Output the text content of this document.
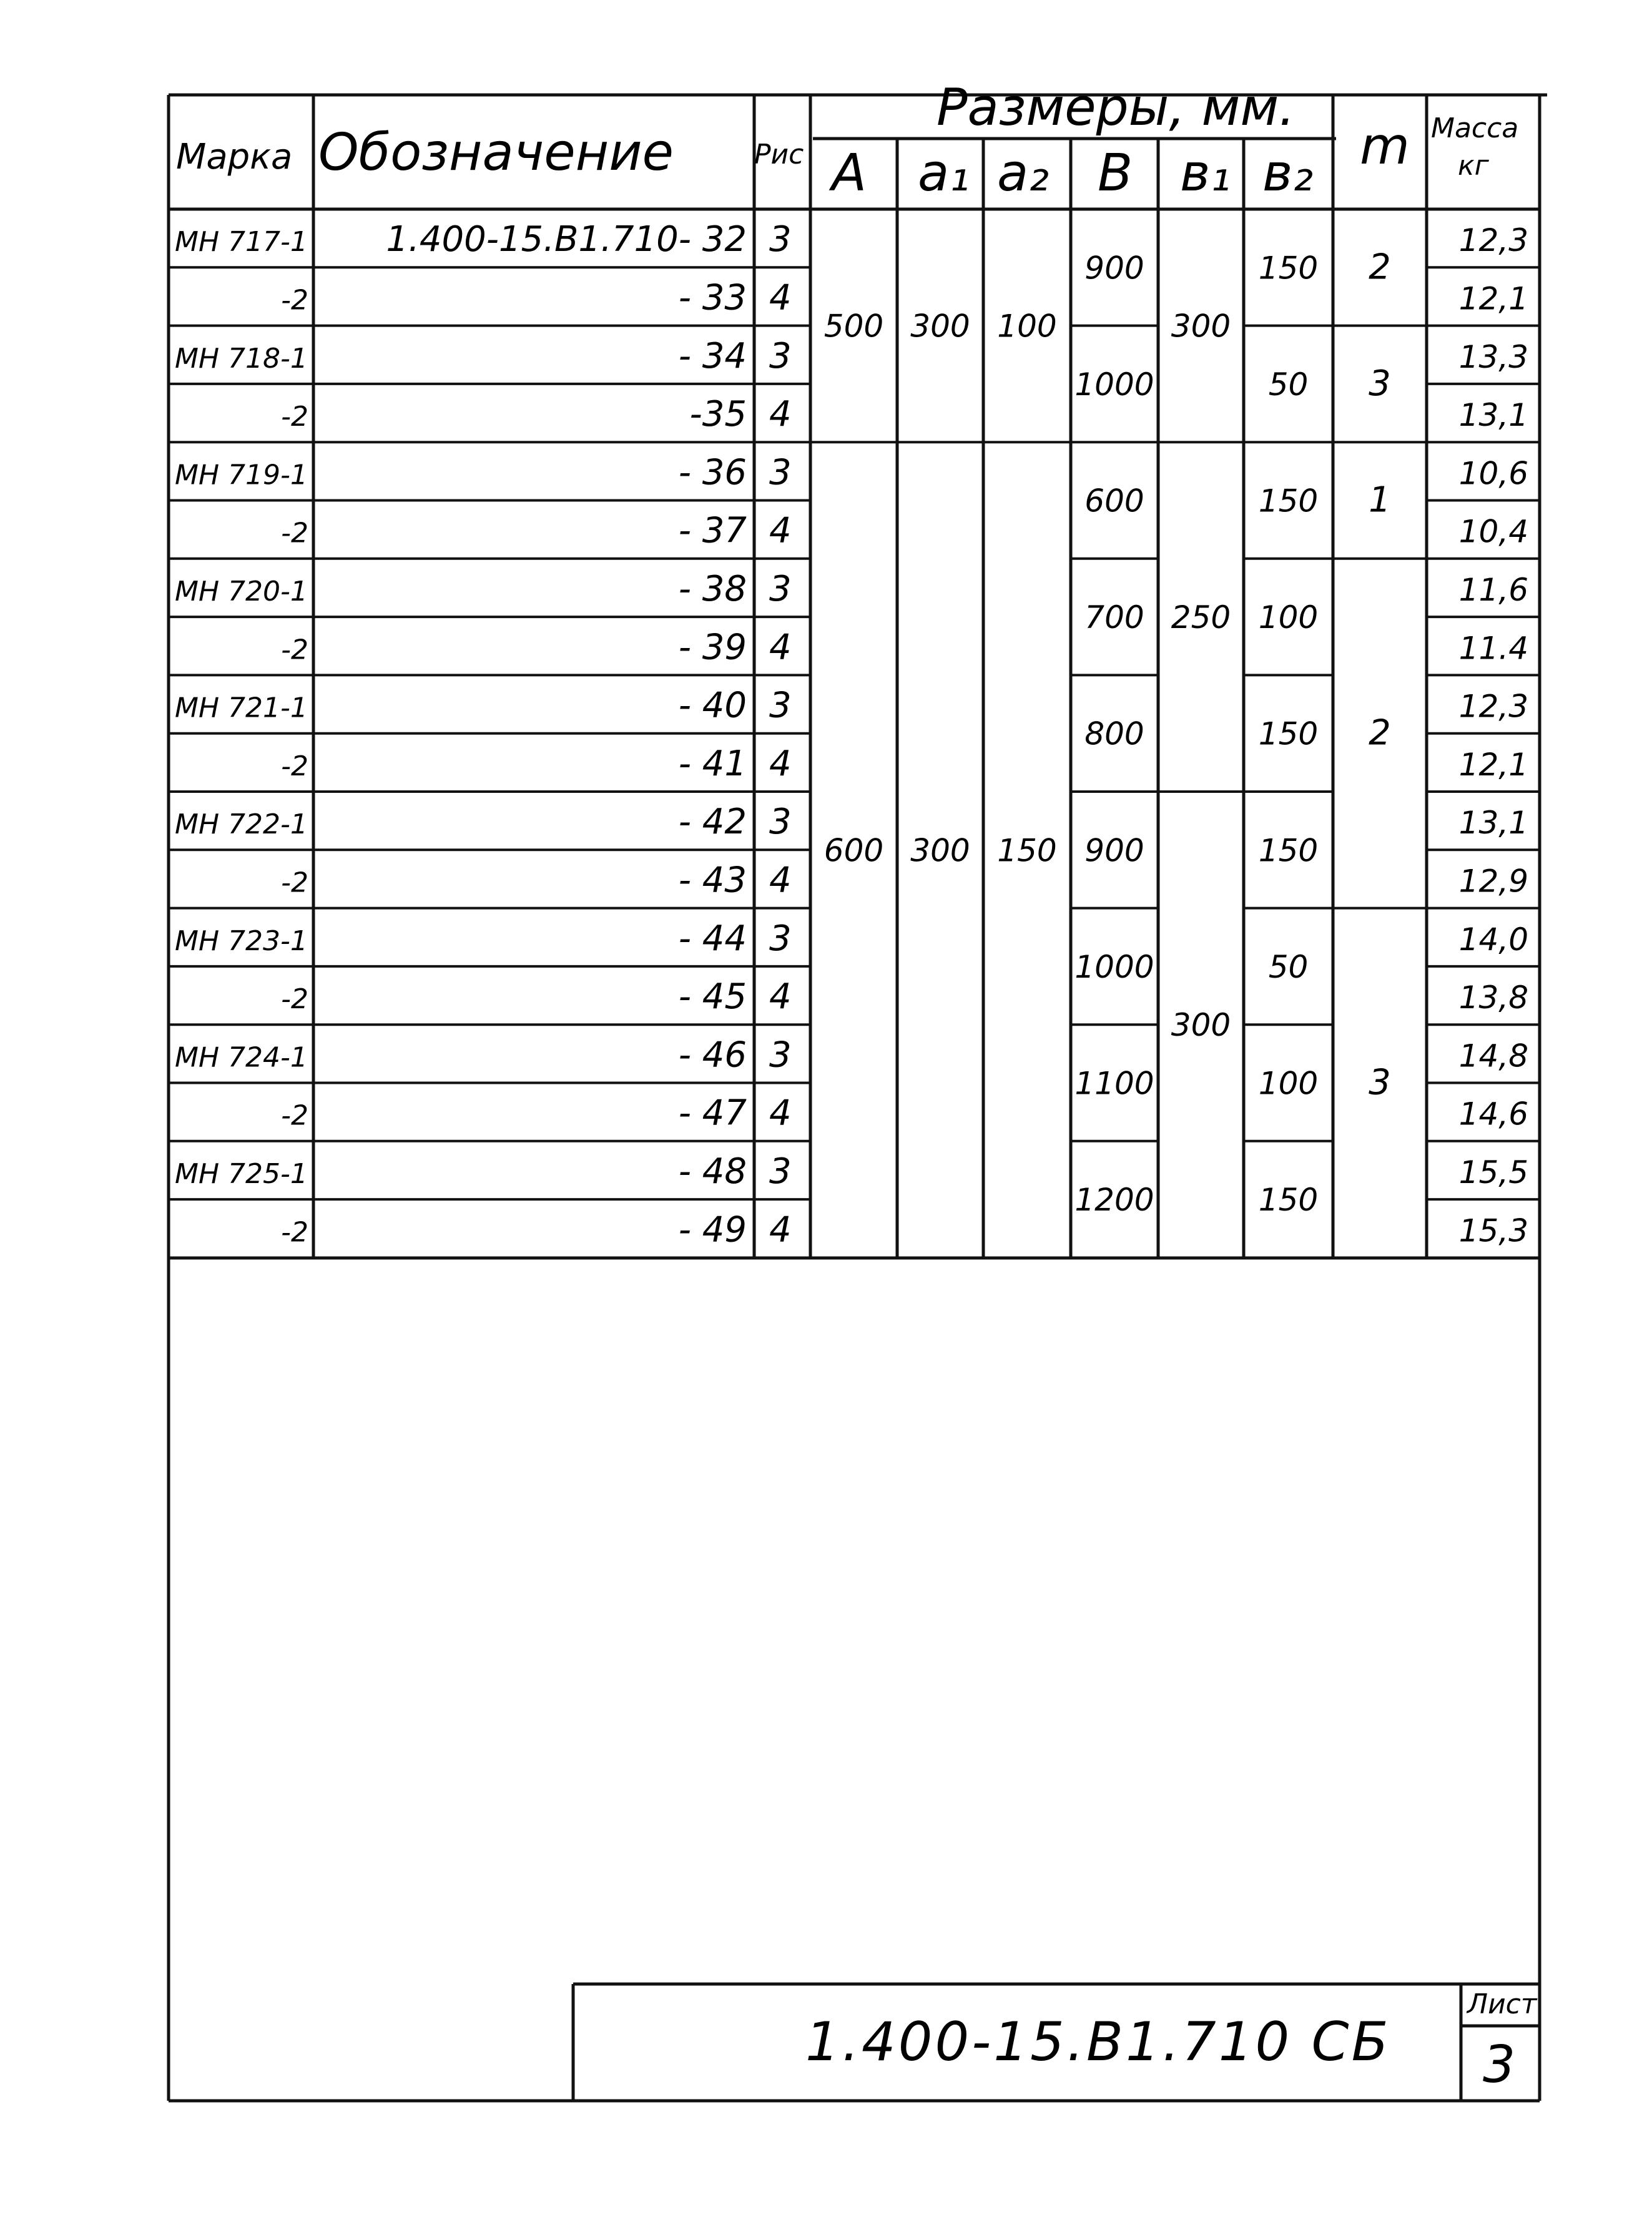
Марка Обозначение	Рис
Размеры, мм.
А а₁ а₂ В в₁ в₂ m Масса
кг
МН 717-1
-2
МН 718-1
-2
МН 719-1
-2
МН 720-1
-2
МН 721-1
-2
МН 722-1
-2
МН 723-1
-2
МН 724-1
-2
МН 725-1
-2
1.400-15.В1.710- 32
- 33
- 34
-35
- 36
- 37
- 38
- 39
- 40
- 41
- 42
- 43
- 44
- 45
- 46
- 47
- 48
- 49
3
4
3
4
3
4
3
4
3
4
3
4
3
4
3
4
3
4
12,3
12,1
13,3
13,1
10,6
10,4
11,6
11.4
12,3
12,1
13,1
12,9
14,0
13,8
14,8
14,6
15,5
15,3
500
600
300
300
100
150
900
1000
600
700
800
900
1000
1100
1200
300
250
300
150
50
150
100
150
150
50
100
150
2
3
1
2
3
1.400-15.В1.710 СБ
Лист
3
